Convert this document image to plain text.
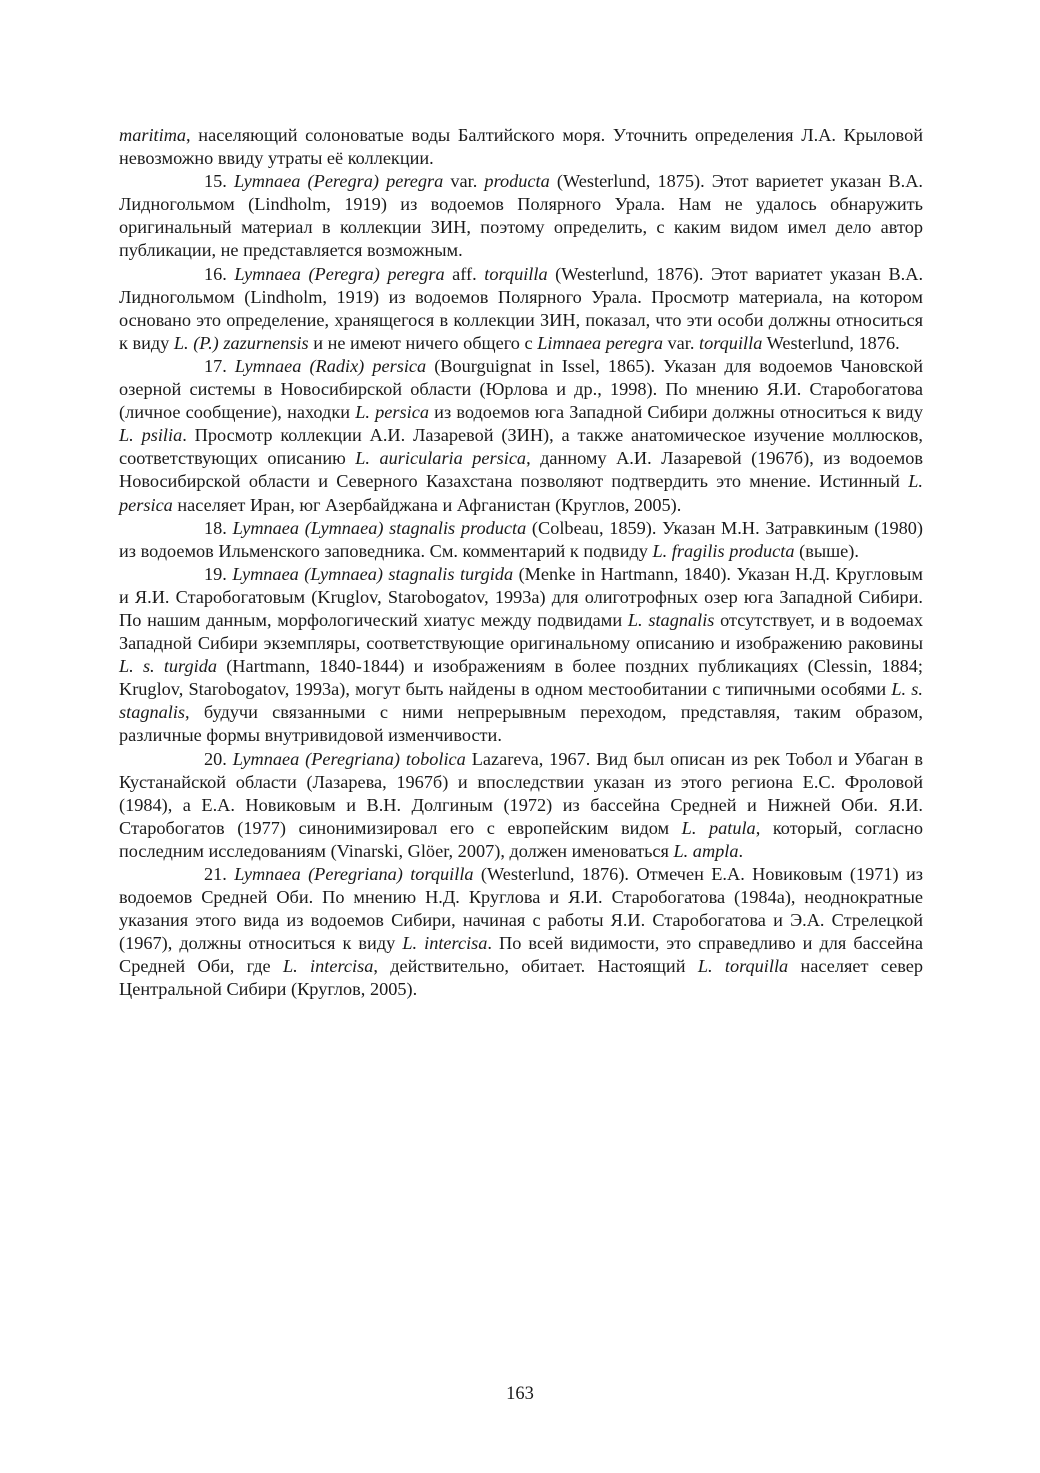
maritima, населяющий солоноватые воды Балтийского моря. Уточнить определения Л.А. Крыловой невозможно ввиду утраты её коллекции.

15. Lymnaea (Peregra) peregra var. producta (Westerlund, 1875). Этот вариетет указан В.А. Лидногольмом (Lindholm, 1919) из водоемов Полярного Урала. Нам не удалось обнаружить оригинальный материал в коллекции ЗИН, поэтому определить, с каким видом имел дело автор публикации, не представляется возможным.

16. Lymnaea (Peregra) peregra aff. torquilla (Westerlund, 1876). Этот вариатет указан В.А. Лидногольмом (Lindholm, 1919) из водоемов Полярного Урала. Просмотр материала, на котором основано это определение, хранящегося в коллекции ЗИН, показал, что эти особи должны относиться к виду L. (P.) zazurnensis и не имеют ничего общего с Limnaea peregra var. torquilla Westerlund, 1876.

17. Lymnaea (Radix) persica (Bourguignat in Issel, 1865). Указан для водоемов Чановской озерной системы в Новосибирской области (Юрлова и др., 1998). По мнению Я.И. Старобогатова (личное сообщение), находки L. persica из водоемов юга Западной Сибири должны относиться к виду L. psilia. Просмотр коллекции А.И. Лазаревой (ЗИН), а также анатомическое изучение моллюсков, соответствующих описанию L. auricularia persica, данному А.И. Лазаревой (1967б), из водоемов Новосибирской области и Северного Казахстана позволяют подтвердить это мнение. Истинный L. persica населяет Иран, юг Азербайджана и Афганистан (Круглов, 2005).

18. Lymnaea (Lymnaea) stagnalis producta (Colbeau, 1859). Указан М.Н. Затравкиным (1980) из водоемов Ильменского заповедника. См. комментарий к подвиду L. fragilis producta (выше).

19. Lymnaea (Lymnaea) stagnalis turgida (Menke in Hartmann, 1840). Указан Н.Д. Кругловым и Я.И. Старобогатовым (Kruglov, Starobogatov, 1993a) для олиготрофных озер юга Западной Сибири. По нашим данным, морфологический хиатус между подвидами L. stagnalis отсутствует, и в водоемах Западной Сибири экземпляры, соответствующие оригинальному описанию и изображению раковины L. s. turgida (Hartmann, 1840-1844) и изображениям в более поздних публикациях (Clessin, 1884; Kruglov, Starobogatov, 1993a), могут быть найдены в одном местообитании с типичными особями L. s. stagnalis, будучи связанными с ними непрерывным переходом, представляя, таким образом, различные формы внутривидовой изменчивости.

20. Lymnaea (Peregriana) tobolica Lazareva, 1967. Вид был описан из рек Тобол и Убаган в Кустанайской области (Лазарева, 1967б) и впоследствии указан из этого региона Е.С. Фроловой (1984), а Е.А. Новиковым и В.Н. Долгиным (1972) из бассейна Средней и Нижней Оби. Я.И. Старобогатов (1977) синонимизировал его с европейским видом L. patula, который, согласно последним исследованиям (Vinarski, Glöer, 2007), должен именоваться L. ampla.

21. Lymnaea (Peregriana) torquilla (Westerlund, 1876). Отмечен Е.А. Новиковым (1971) из водоемов Средней Оби. По мнению Н.Д. Круглова и Я.И. Старобогатова (1984a), неоднократные указания этого вида из водоемов Сибири, начиная с работы Я.И. Старобогатова и Э.А. Стрелецкой (1967), должны относиться к виду L. intercisa. По всей видимости, это справедливо и для бассейна Средней Оби, где L. intercisa, действительно, обитает. Настоящий L. torquilla населяет север Центральной Сибири (Круглов, 2005).

163
